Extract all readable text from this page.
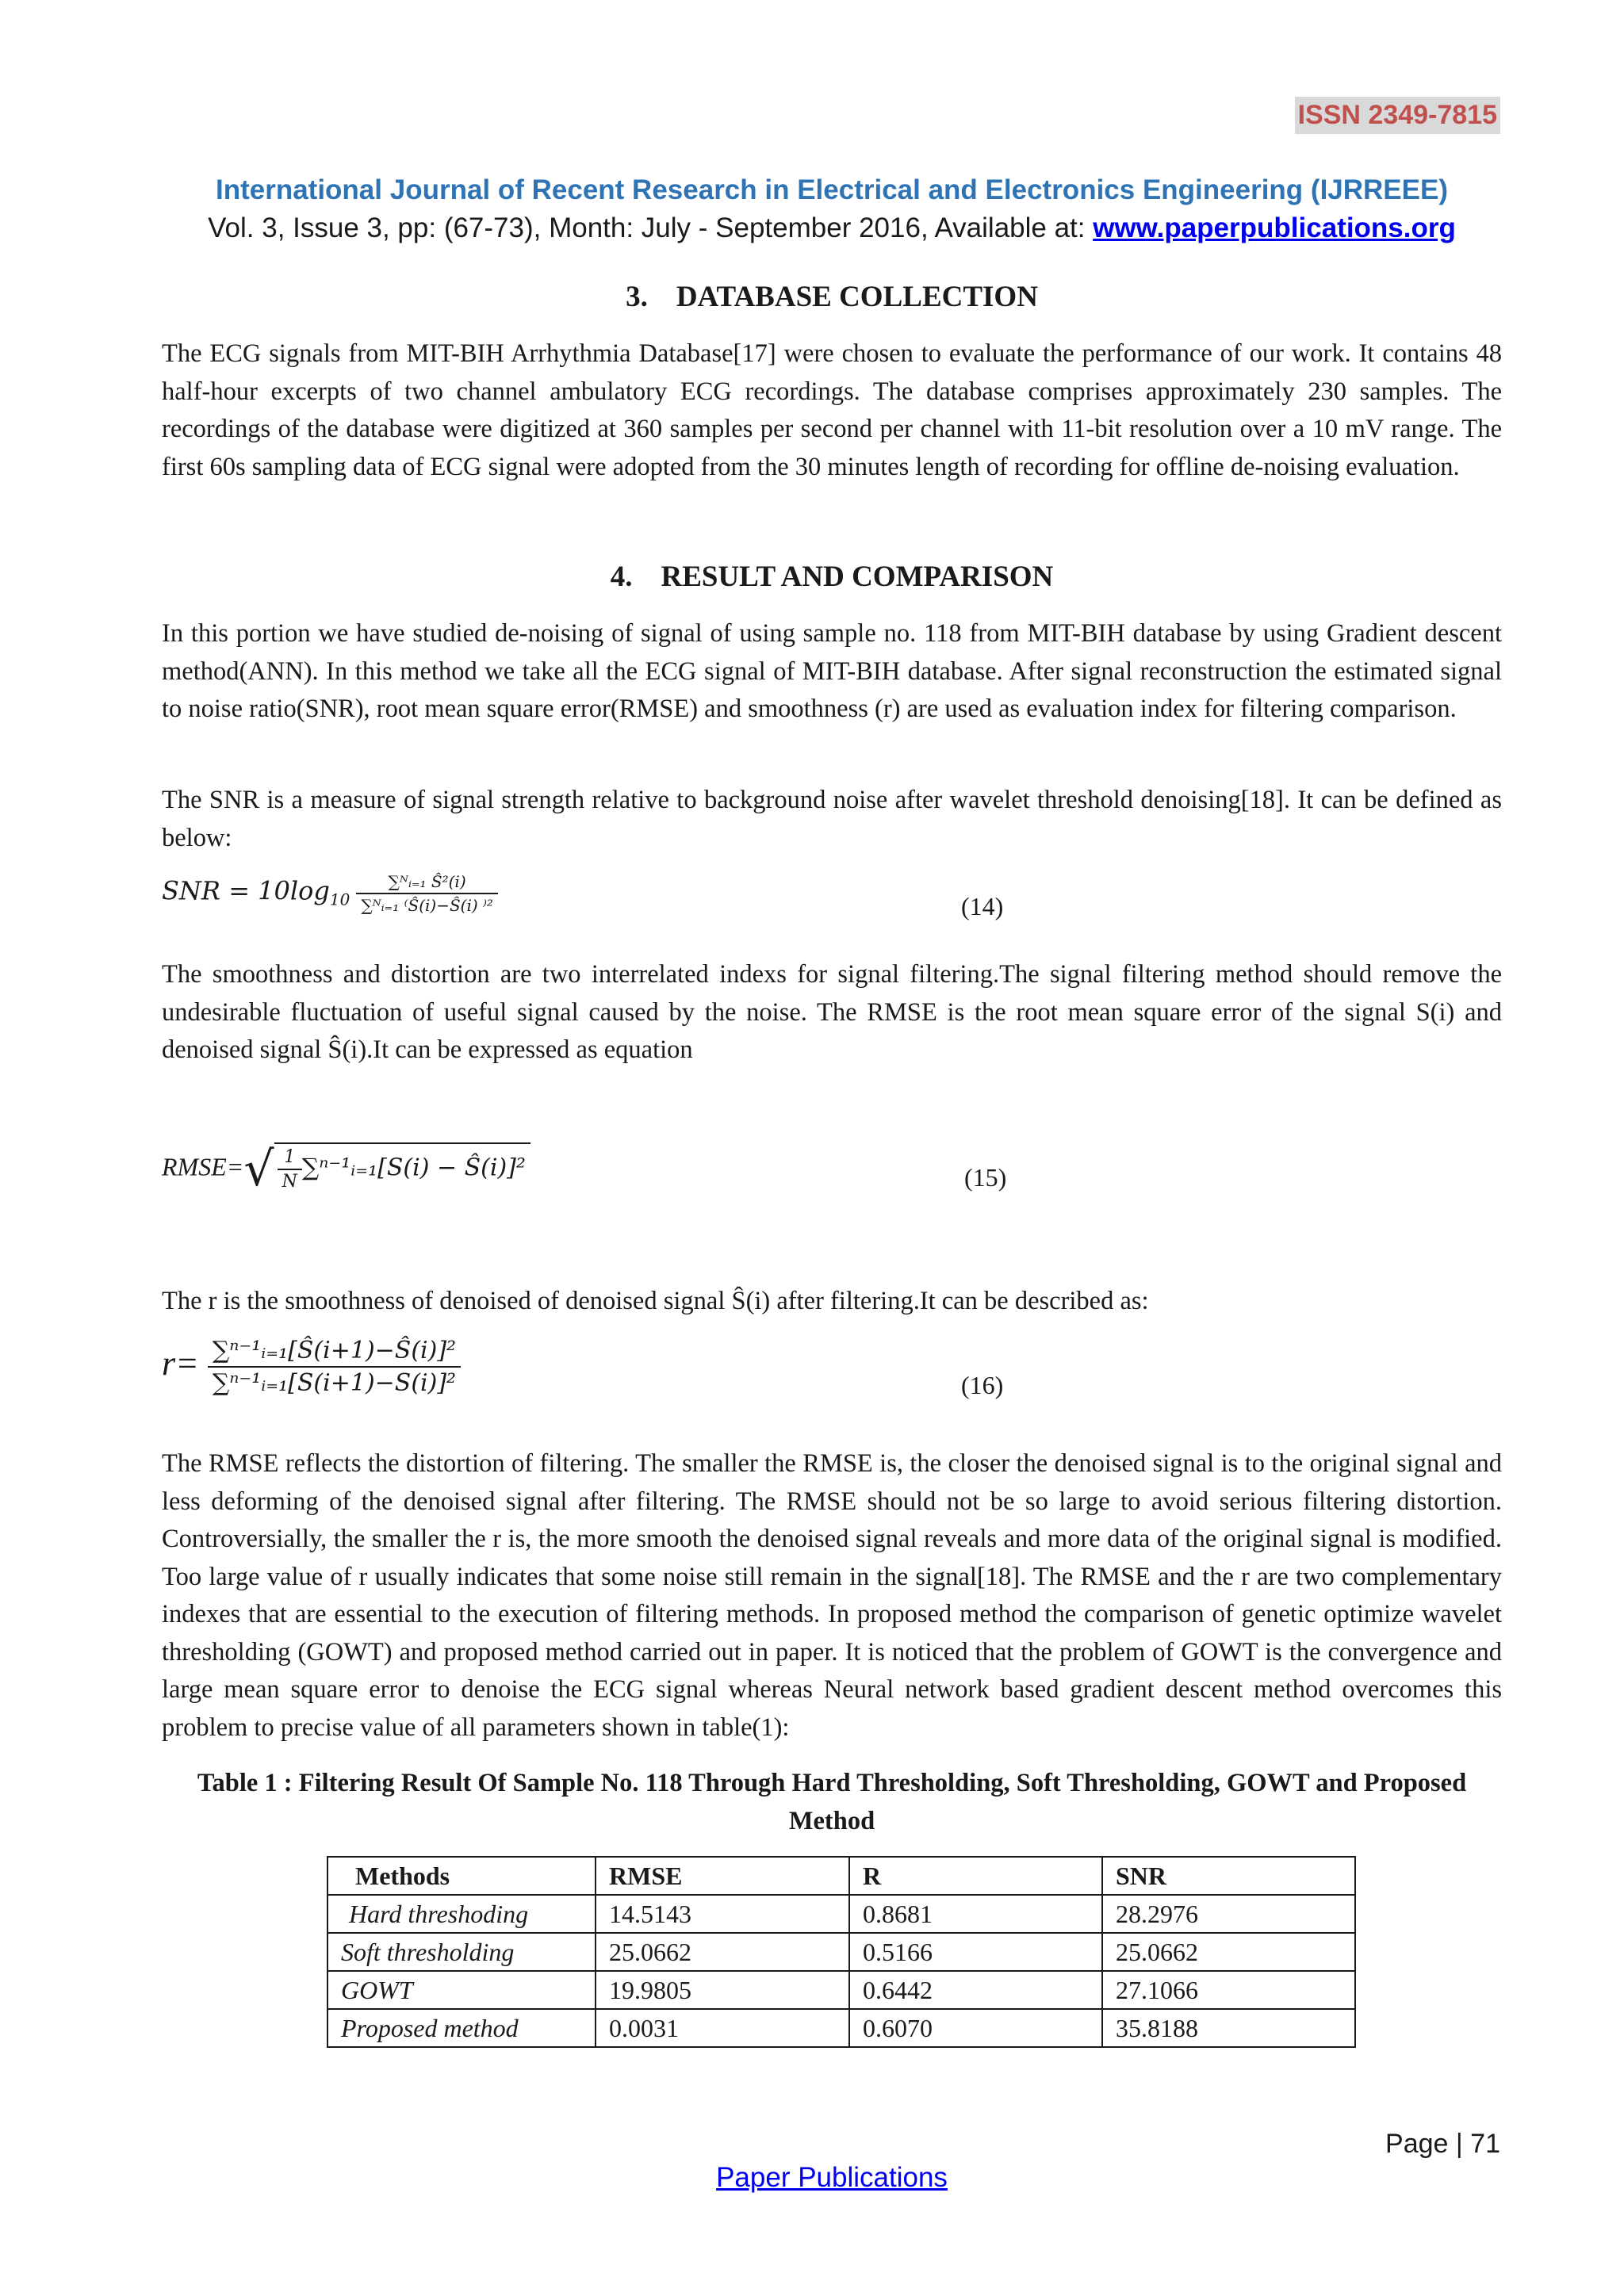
ISSN 2349-7815
International Journal of Recent Research in Electrical and Electronics Engineering (IJRREEE)
Vol. 3, Issue 3, pp: (67-73), Month: July - September 2016, Available at: www.paperpublications.org
3. DATABASE COLLECTION
The ECG signals from MIT-BIH Arrhythmia Database[17] were chosen to evaluate the performance of our work. It contains 48 half-hour excerpts of two channel ambulatory ECG recordings. The database comprises approximately 230 samples. The recordings of the database were digitized at 360 samples per second per channel with 11-bit resolution over a 10 mV range. The first 60s sampling data of ECG signal were adopted from the 30 minutes length of recording for offline de-noising evaluation.
4. RESULT AND COMPARISON
In this portion we have studied de-noising of signal of using sample no. 118 from MIT-BIH database by using Gradient descent method(ANN). In this method we take all the ECG signal of MIT-BIH database. After signal reconstruction the estimated signal to noise ratio(SNR), root mean square error(RMSE) and smoothness (r) are used as evaluation index for filtering comparison.
The SNR is a measure of signal strength relative to background noise after wavelet threshold denoising[18]. It can be defined as below:
SNR = $10\log_{10} \frac{\text{∑ᴺᵢ₌₁ Ŝ²(i)}}{\text{∑ᴺᵢ₌₁ ⁽Ŝ(i)−Ŝ(i) ⁾²}}$	(14)
The smoothness and distortion are two interrelated indexs for signal filtering.The signal filtering method should remove the undesirable fluctuation of useful signal caused by the noise. The RMSE is the root mean square error of the signal S(i) and denoised signal Ŝ(i).It can be expressed as equation
RMSE=√ $\frac{1}{N}$ ∑ⁿ⁻¹ᵢ₌₁[S(i) − Ŝ(i)]²	(15)
The r is the smoothness of denoised of denoised signal Ŝ(i) after filtering.It can be described as:
$r= \frac{\text{∑ⁿ⁻¹ᵢ₌₁[Ŝ(i+1)−Ŝ(i)]²}}{\text{∑ⁿ⁻¹ᵢ₌₁[S(i+1)−S(i)]²}}$	(16)
The RMSE reflects the distortion of filtering. The smaller the RMSE is, the closer the denoised signal is to the original signal and less deforming of the denoised signal after filtering. The RMSE should not be so large to avoid serious filtering distortion. Controversially, the smaller the r is, the more smooth the denoised signal reveals and more data of the original signal is modified. Too large value of r usually indicates that some noise still remain in the signal[18]. The RMSE and the r are two complementary indexes that are essential to the execution of filtering methods. In proposed method the comparison of genetic optimize wavelet thresholding (GOWT) and proposed method carried out in paper. It is noticed that the problem of GOWT is the convergence and large mean square error to denoise the ECG signal whereas Neural network based gradient descent method overcomes this problem to precise value of all parameters shown in table(1):
Table 1 : Filtering Result Of Sample No. 118 Through Hard Thresholding, Soft Thresholding, GOWT and Proposed Method
Methods	RMSE	R	SNR
Hard threshoding	14.5143	0.8681	28.2976
Soft thresholding	25.0662	0.5166	25.0662
GOWT	19.9805	0.6442	27.1066
Proposed method	0.0031	0.6070	35.8188
Page | 71
Paper Publications
